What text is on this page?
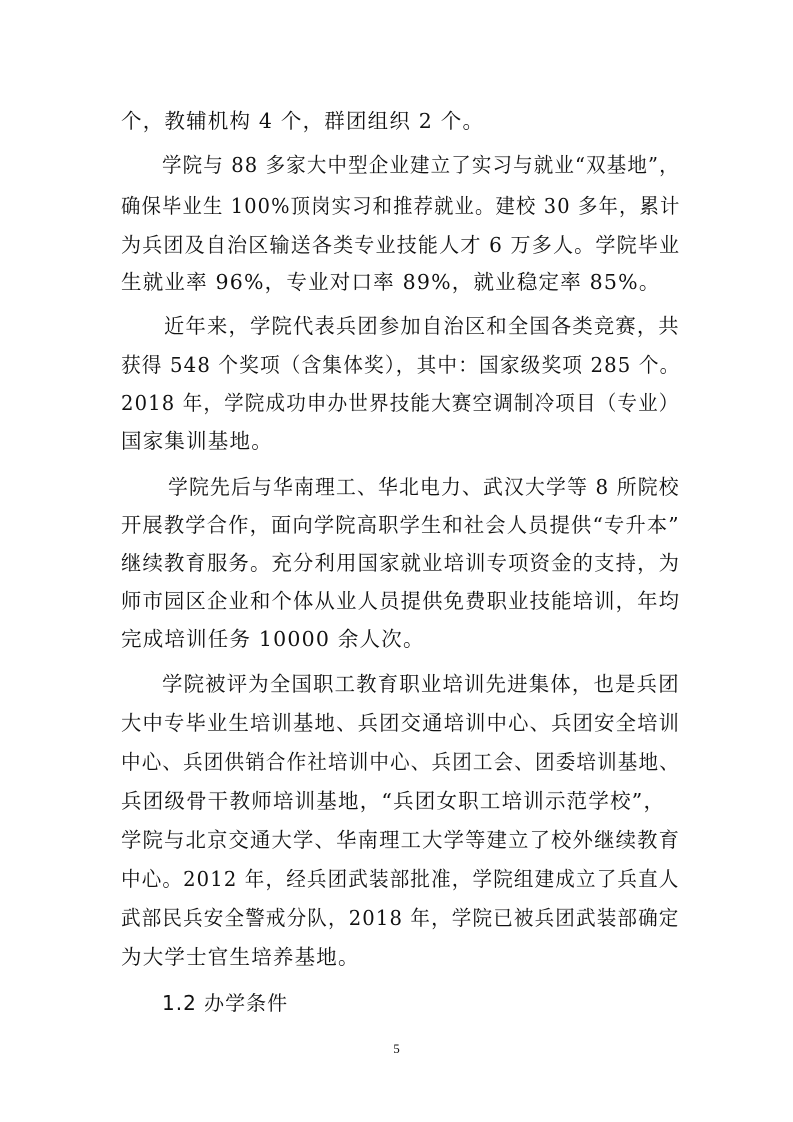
个，教辅机构 4 个，群团组织 2 个。
学院与 88 多家大中型企业建立了实习与就业“双基地”，
确保毕业生 100%顶岗实习和推荐就业。建校 30 多年，累计
为兵团及自治区输送各类专业技能人才 6 万多人。学院毕业
生就业率 96%，专业对口率 89%，就业稳定率 85%。
近年来，学院代表兵团参加自治区和全国各类竞赛，共
获得 548 个奖项（含集体奖），其中：国家级奖项 285 个。
2018 年，学院成功申办世界技能大赛空调制冷项目（专业）
国家集训基地。
学院先后与华南理工、华北电力、武汉大学等 8 所院校
开展教学合作，面向学院高职学生和社会人员提供“专升本”
继续教育服务。充分利用国家就业培训专项资金的支持，为
师市园区企业和个体从业人员提供免费职业技能培训，年均
完成培训任务 10000 余人次。
学院被评为全国职工教育职业培训先进集体，也是兵团
大中专毕业生培训基地、兵团交通培训中心、兵团安全培训
中心、兵团供销合作社培训中心、兵团工会、团委培训基地、
兵团级骨干教师培训基地，“兵团女职工培训示范学校”，
学院与北京交通大学、华南理工大学等建立了校外继续教育
中心。2012 年，经兵团武装部批准，学院组建成立了兵直人
武部民兵安全警戒分队，2018 年，学院已被兵团武装部确定
为大学士官生培养基地。
1.2 办学条件
5
